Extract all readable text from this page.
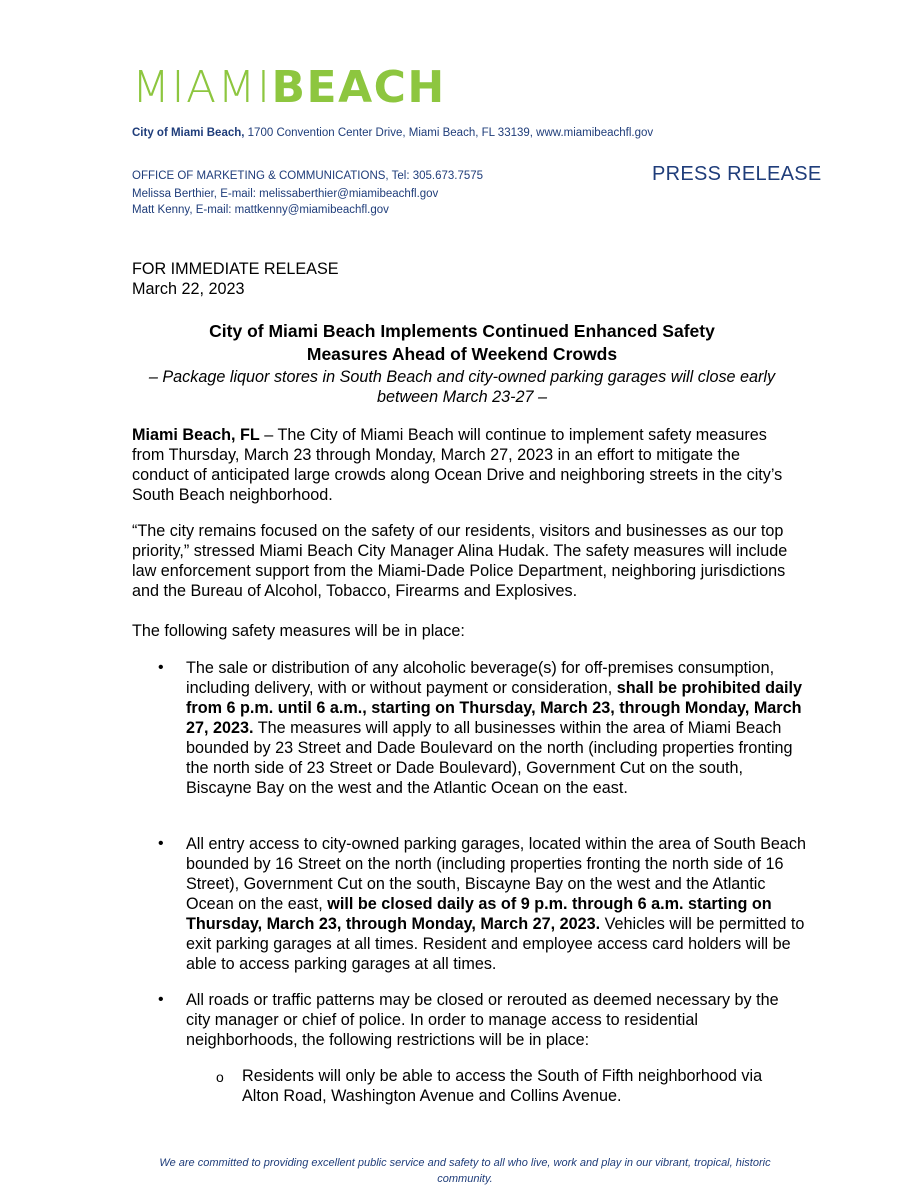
MIAMIBEACH
City of Miami Beach, 1700 Convention Center Drive, Miami Beach, FL 33139, www.miamibeachfl.gov
OFFICE OF MARKETING & COMMUNICATIONS, Tel: 305.673.7575
Melissa Berthier, E-mail: melissaberthier@miamibeachfl.gov
Matt Kenny, E-mail: mattkenny@miamibeachfl.gov
PRESS RELEASE
FOR IMMEDIATE RELEASE
March 22, 2023
City of Miami Beach Implements Continued Enhanced Safety
Measures Ahead of Weekend Crowds
– Package liquor stores in South Beach and city-owned parking garages will close early
between March 23-27 –
Miami Beach, FL – The City of Miami Beach will continue to implement safety measures from Thursday, March 23 through Monday, March 27, 2023 in an effort to mitigate the conduct of anticipated large crowds along Ocean Drive and neighboring streets in the city’s South Beach neighborhood.
“The city remains focused on the safety of our residents, visitors and businesses as our top priority,” stressed Miami Beach City Manager Alina Hudak. The safety measures will include law enforcement support from the Miami-Dade Police Department, neighboring jurisdictions and the Bureau of Alcohol, Tobacco, Firearms and Explosives.
The following safety measures will be in place:
• The sale or distribution of any alcoholic beverage(s) for off-premises consumption, including delivery, with or without payment or consideration, shall be prohibited daily from 6 p.m. until 6 a.m., starting on Thursday, March 23, through Monday, March 27, 2023. The measures will apply to all businesses within the area of Miami Beach bounded by 23 Street and Dade Boulevard on the north (including properties fronting the north side of 23 Street or Dade Boulevard), Government Cut on the south, Biscayne Bay on the west and the Atlantic Ocean on the east.
• All entry access to city-owned parking garages, located within the area of South Beach bounded by 16 Street on the north (including properties fronting the north side of 16 Street), Government Cut on the south, Biscayne Bay on the west and the Atlantic Ocean on the east, will be closed daily as of 9 p.m. through 6 a.m. starting on Thursday, March 23, through Monday, March 27, 2023. Vehicles will be permitted to exit parking garages at all times. Resident and employee access card holders will be able to access parking garages at all times.
• All roads or traffic patterns may be closed or rerouted as deemed necessary by the city manager or chief of police. In order to manage access to residential neighborhoods, the following restrictions will be in place:
o Residents will only be able to access the South of Fifth neighborhood via Alton Road, Washington Avenue and Collins Avenue.
We are committed to providing excellent public service and safety to all who live, work and play in our vibrant, tropical, historic community.
